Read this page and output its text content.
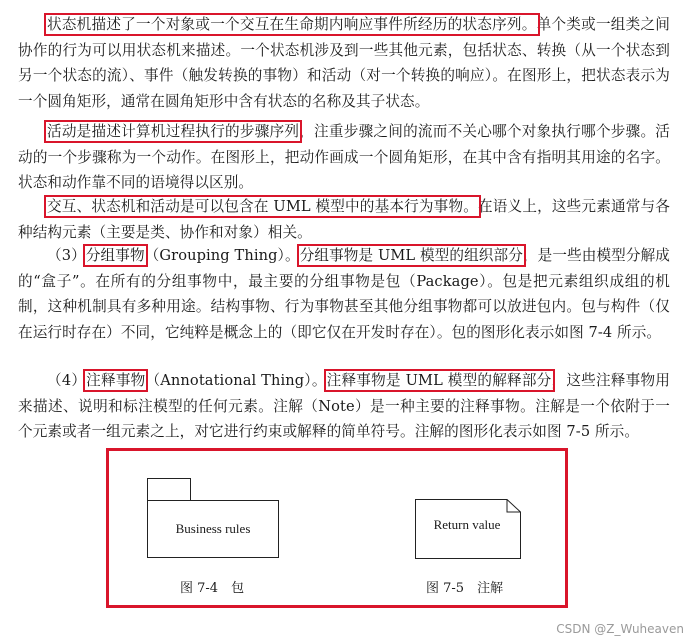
状态机描述了一个对象或一个交互在生命期内响应事件所经历的状态序列。单个类或一组类之间协作的行为可以用状态机来描述。一个状态机涉及到一些其他元素，包括状态、转换（从一个状态到另一个状态的流）、事件（触发转换的事物）和活动（对一个转换的响应）。在图形上，把状态表示为一个圆角矩形，通常在圆角矩形中含有状态的名称及其子状态。
活动是描述计算机过程执行的步骤序列，注重步骤之间的流而不关心哪个对象执行哪个步骤。活动的一个步骤称为一个动作。在图形上，把动作画成一个圆角矩形，在其中含有指明其用途的名字。状态和动作靠不同的语境得以区别。
交互、状态机和活动是可以包含在 UML 模型中的基本行为事物。在语义上，这些元素通常与各种结构元素（主要是类、协作和对象）相关。
（3）分组事物（Grouping Thing）。分组事物是 UML 模型的组织部分，是一些由模型分解成的“盒子”。在所有的分组事物中，最主要的分组事物是包（Package）。包是把元素组织成组的机制，这种机制具有多种用途。结构事物、行为事物甚至其他分组事物都可以放进包内。包与构件（仅在运行时存在）不同，它纯粹是概念上的（即它仅在开发时存在）。包的图形化表示如图 7-4 所示。
（4）注释事物（Annotational Thing）。注释事物是 UML 模型的解释部分，这些注释事物用来描述、说明和标注模型的任何元素。注解（Note）是一种主要的注释事物。注解是一个依附于一个元素或者一组元素之上，对它进行约束或解释的简单符号。注解的图形化表示如图 7-5 所示。
Business rules	Return value
图 7-4　包	图 7-5　注解
CSDN @Z_Wuheaven
